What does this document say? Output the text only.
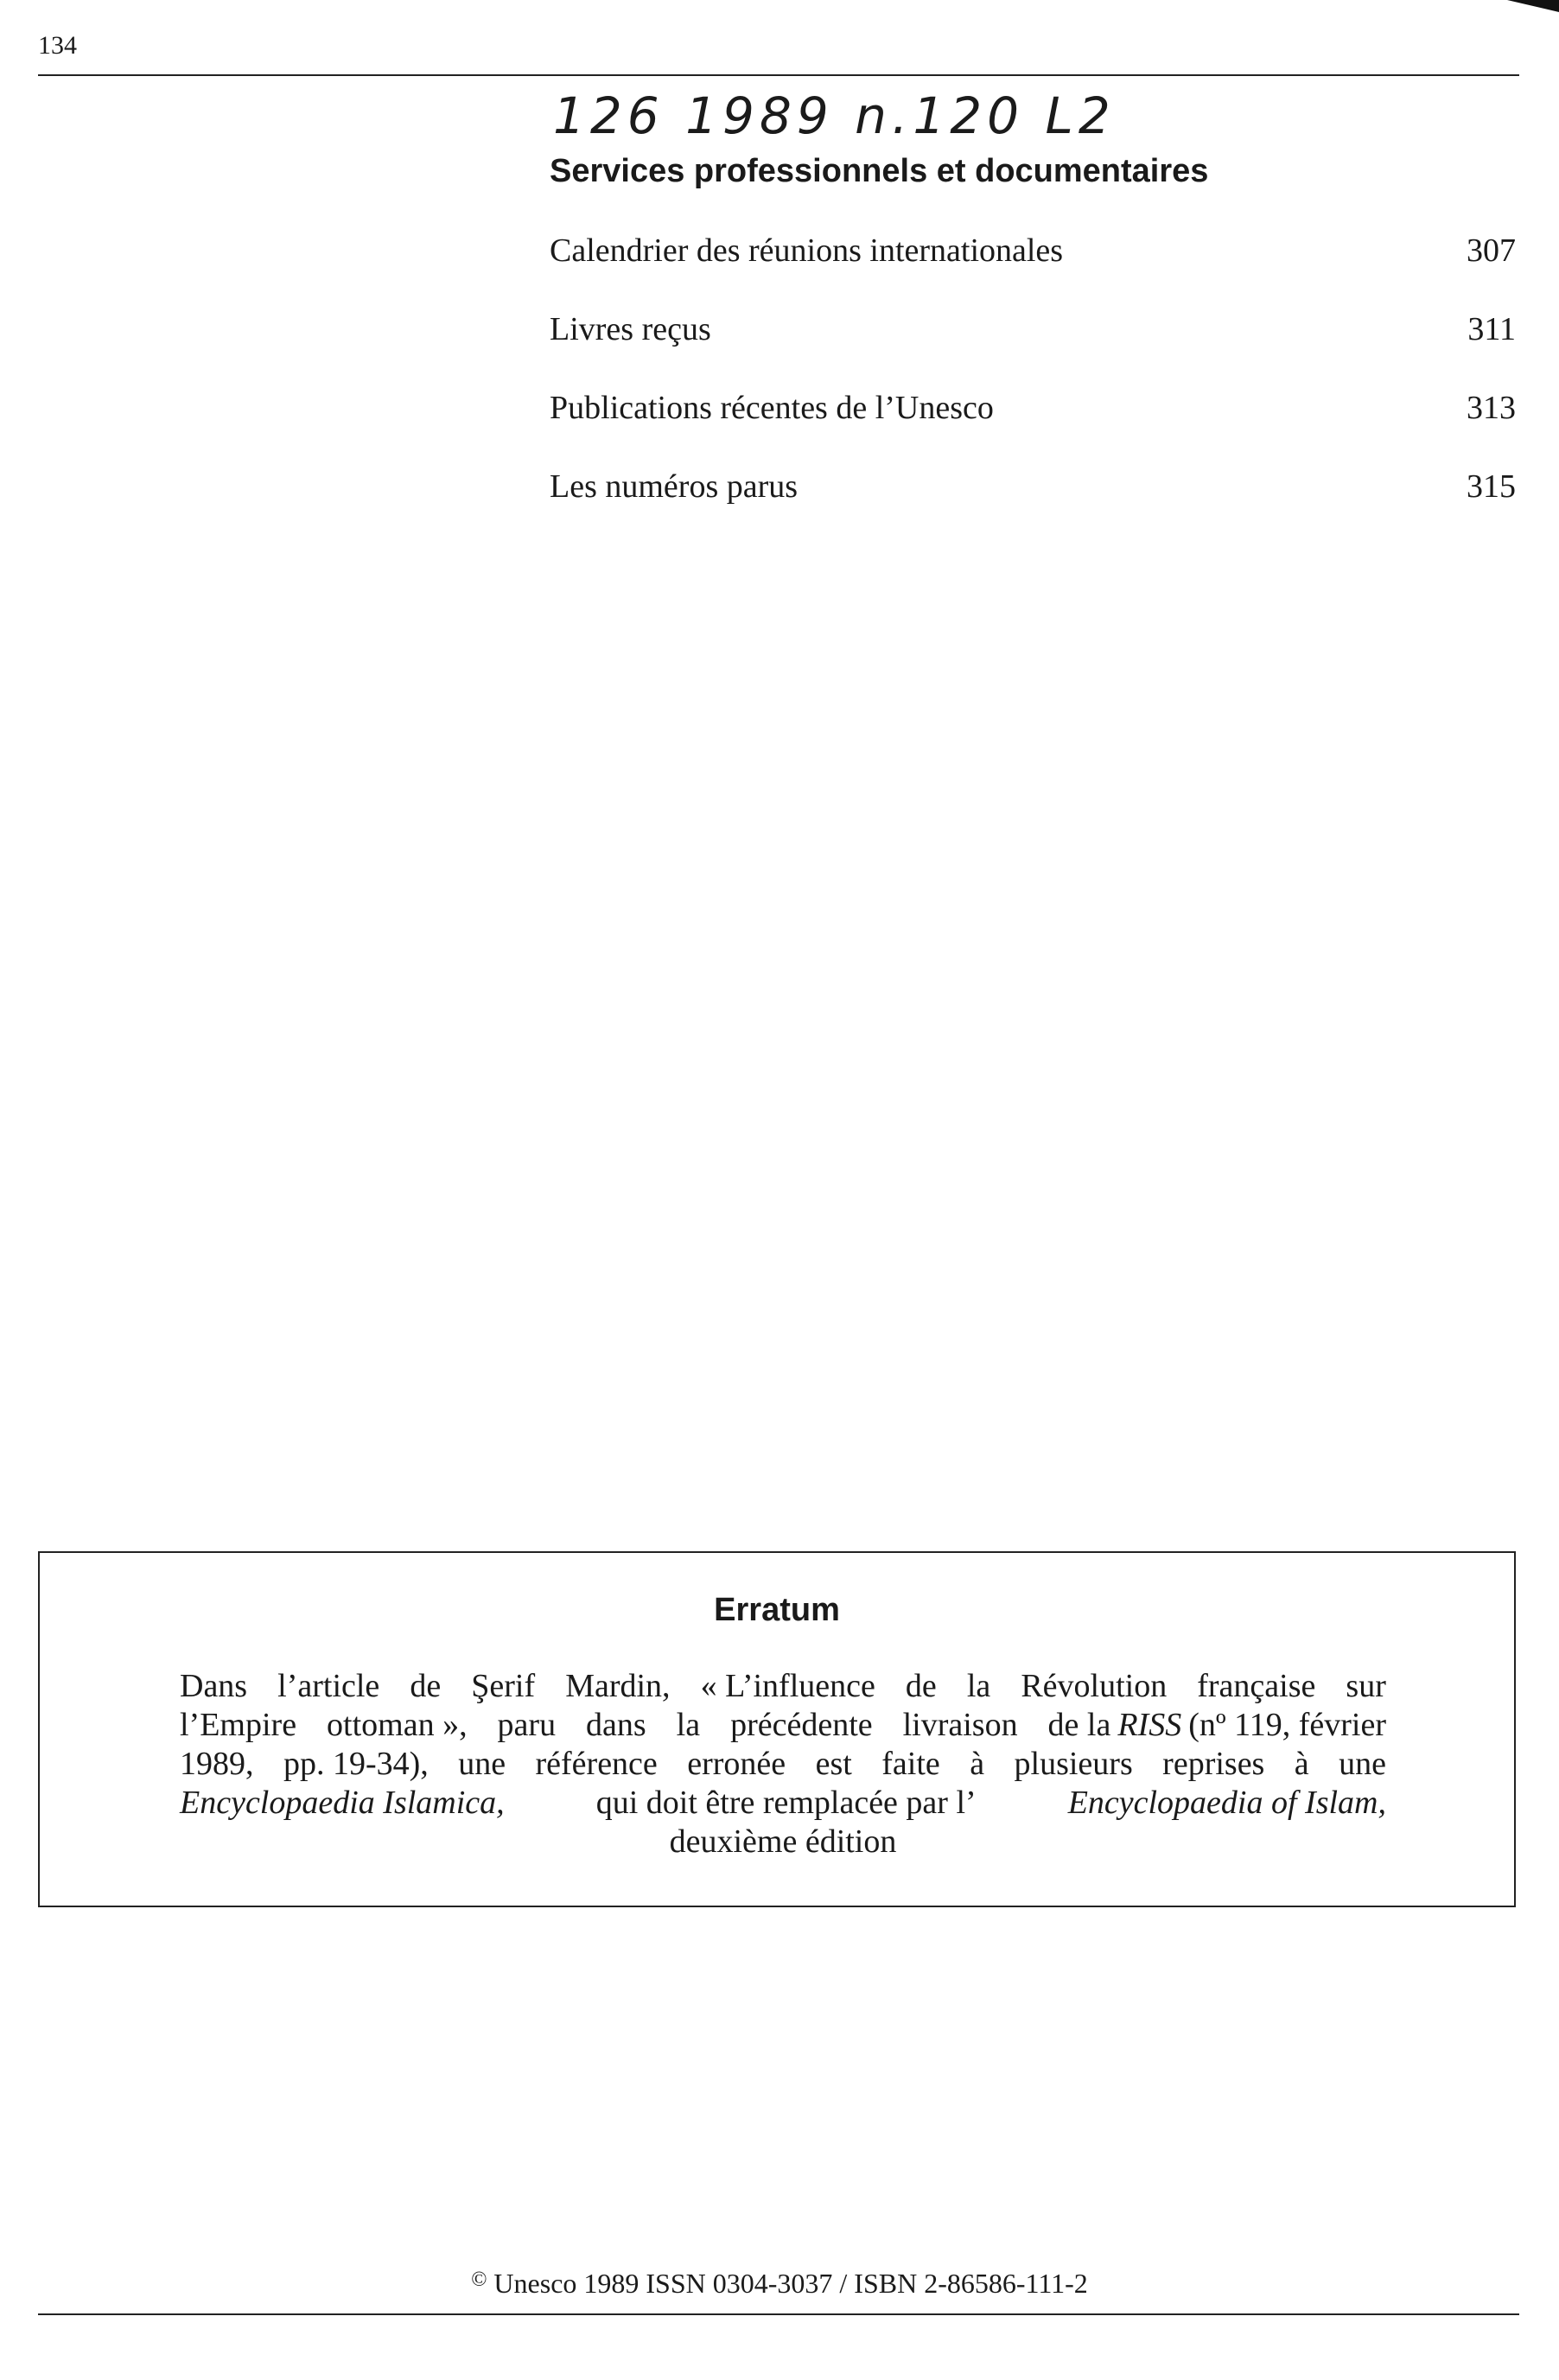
134
126 1989 n.120 L2
Services professionnels et documentaires
Calendrier des réunions internationales	307
Livres reçus	311
Publications récentes de l’Unesco	313
Les numéros parus	315
Erratum
Dans l’article de Şerif Mardin, « L’influence de la Révolution française sur
l’Empire ottoman », paru dans la précédente livraison de la RISS (nº 119, février
1989, pp. 19-34), une référence erronée est faite à plusieurs reprises à une
Encyclopaedia Islamica,	qui doit être remplacée par l’	Encyclopaedia of Islam,
deuxième édition
© Unesco 1989 ISSN 0304-3037 / ISBN 2-86586-111-2
